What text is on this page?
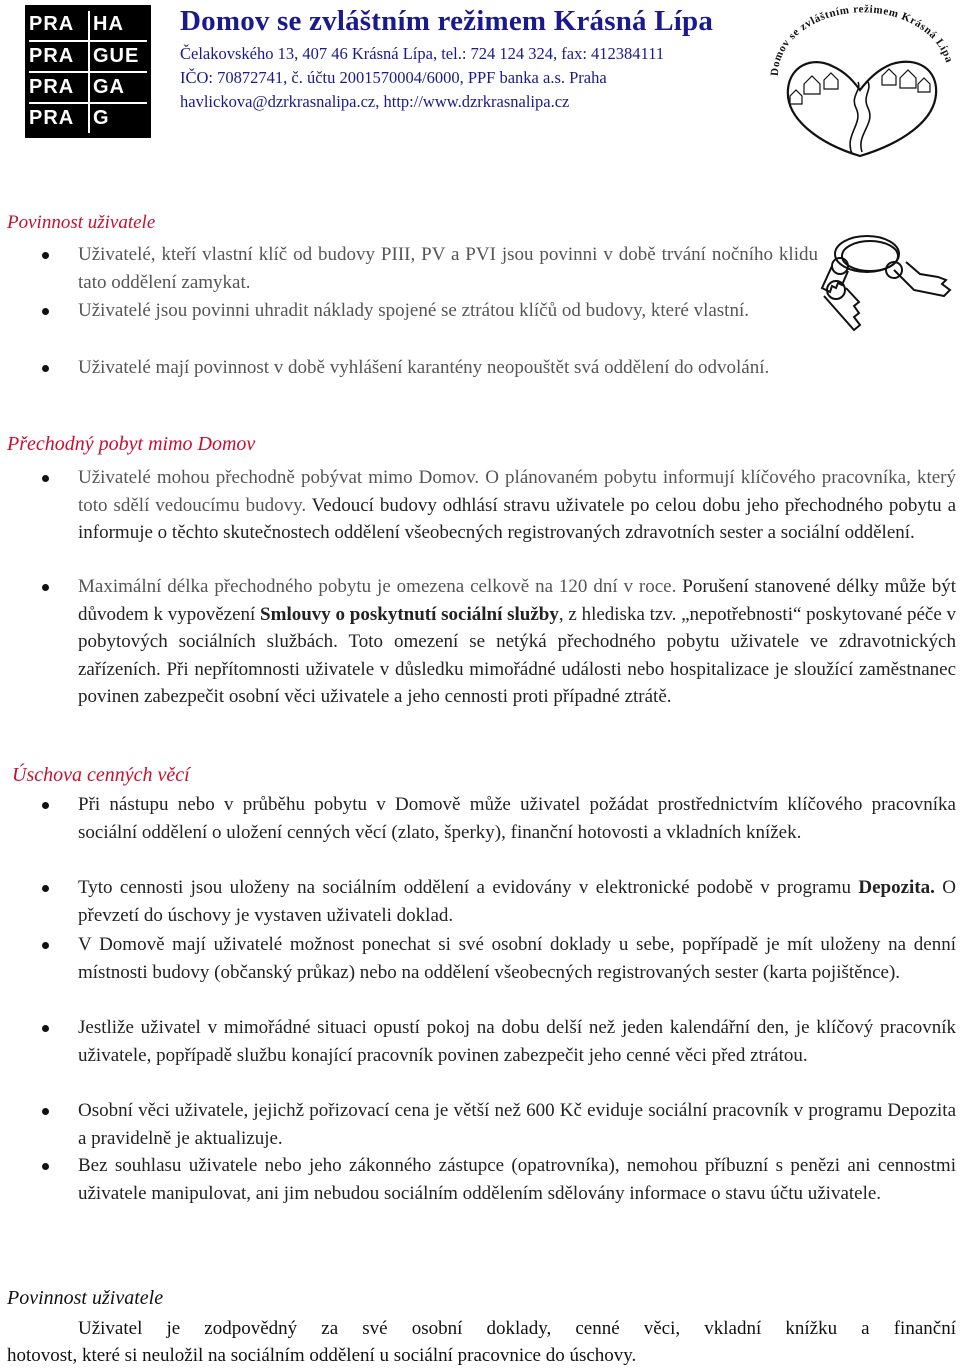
PRA HA
PRA GUE
PRA GA
PRA G
Domov se zvláštním režimem Krásná Lípa
Čelakovského 13, 407 46 Krásná Lípa, tel.: 724 124 324, fax: 412384111
IČO: 70872741, č. účtu 2001570004/6000, PPF banka a.s. Praha
havlickova@dzrkrasnalipa.cz, http://www.dzrkrasnalipa.cz
Domov se zvláštním režimem Krásná Lípa
Povinnost uživatele
Uživatelé, kteří vlastní klíč od budovy PIII, PV a PVI jsou povinni v době trvání nočního klidu tato oddělení zamykat.
Uživatelé jsou povinni uhradit náklady spojené se ztrátou klíčů od budovy, které vlastní.
Uživatelé mají povinnost v době vyhlášení karantény neopouštět svá oddělení do odvolání.
Přechodný pobyt mimo Domov
Uživatelé mohou přechodně pobývat mimo Domov. O plánovaném pobytu informují klíčového pracovníka, který toto sdělí vedoucímu budovy. Vedoucí budovy odhlásí stravu uživatele po celou dobu jeho přechodného pobytu a informuje o těchto skutečnostech oddělení všeobecných registrovaných zdravotních sester a sociální oddělení.
Maximální délka přechodného pobytu je omezena celkově na 120 dní v roce. Porušení stanovené délky může být důvodem k vypovězení Smlouvy o poskytnutí sociální služby, z hlediska tzv. „nepotřebnosti“ poskytované péče v pobytových sociálních službách. Toto omezení se netýká přechodného pobytu uživatele ve zdravotnických zařízeních. Při nepřítomnosti uživatele v důsledku mimořádné události nebo hospitalizace je sloužící zaměstnanec povinen zabezpečit osobní věci uživatele a jeho cennosti proti případné ztrátě.
Úschova cenných věcí
Při nástupu nebo v průběhu pobytu v Domově může uživatel požádat prostřednictvím klíčového pracovníka sociální oddělení o uložení cenných věcí (zlato, šperky), finanční hotovosti a vkladních knížek.
Tyto cennosti jsou uloženy na sociálním oddělení a evidovány v elektronické podobě v programu Depozita. O převzetí do úschovy je vystaven uživateli doklad.
V Domově mají uživatelé možnost ponechat si své osobní doklady u sebe, popřípadě je mít uloženy na denní místnosti budovy (občanský průkaz) nebo na oddělení všeobecných registrovaných sester (karta pojištěnce).
Jestliže uživatel v mimořádné situaci opustí pokoj na dobu delší než jeden kalendářní den, je klíčový pracovník uživatele, popřípadě službu konající pracovník povinen zabezpečit jeho cenné věci před ztrátou.
Osobní věci uživatele, jejichž pořizovací cena je větší než 600 Kč eviduje sociální pracovník v programu Depozita a pravidelně je aktualizuje.
Bez souhlasu uživatele nebo jeho zákonného zástupce (opatrovníka), nemohou příbuzní s penězi ani cennostmi uživatele manipulovat, ani jim nebudou sociálním oddělením sdělovány informace o stavu účtu uživatele.
Povinnost uživatele
Uživatel je zodpovědný za své osobní doklady, cenné věci, vkladní knížku a finanční
hotovost, které si neuložil na sociálním oddělení u sociální pracovnice do úschovy.
